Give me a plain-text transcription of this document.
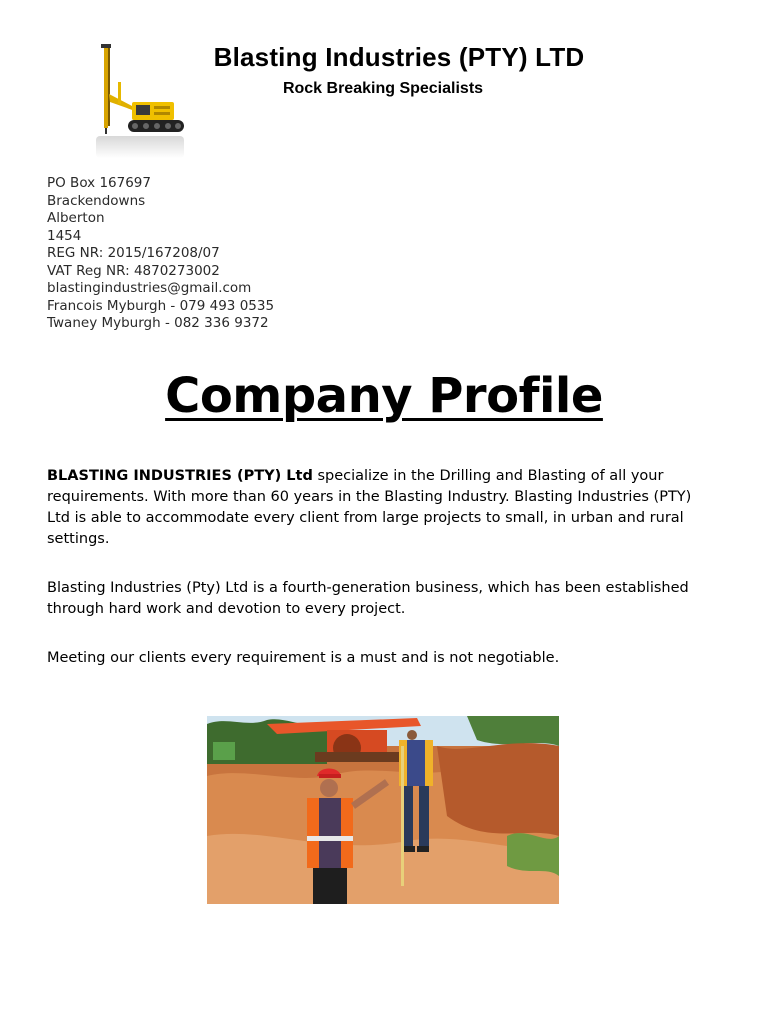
Blasting Industries (PTY) LTD
Rock Breaking Specialists
PO Box 167697
Brackendowns
Alberton
1454
REG NR: 2015/167208/07
VAT Reg NR: 4870273002
blastingindustries@gmail.com
Francois Myburgh - 079 493 0535
Twaney Myburgh - 082 336 9372
Company Profile
BLASTING INDUSTRIES (PTY) Ltd specialize in the Drilling and Blasting of all your requirements. With more than 60 years in the Blasting Industry. Blasting Industries (PTY) Ltd is able to accommodate every client from large projects to small, in urban and rural settings.
Blasting Industries (Pty) Ltd is a fourth-generation business, which has been established through hard work and devotion to every project.
Meeting our clients every requirement is a must and is not negotiable.
